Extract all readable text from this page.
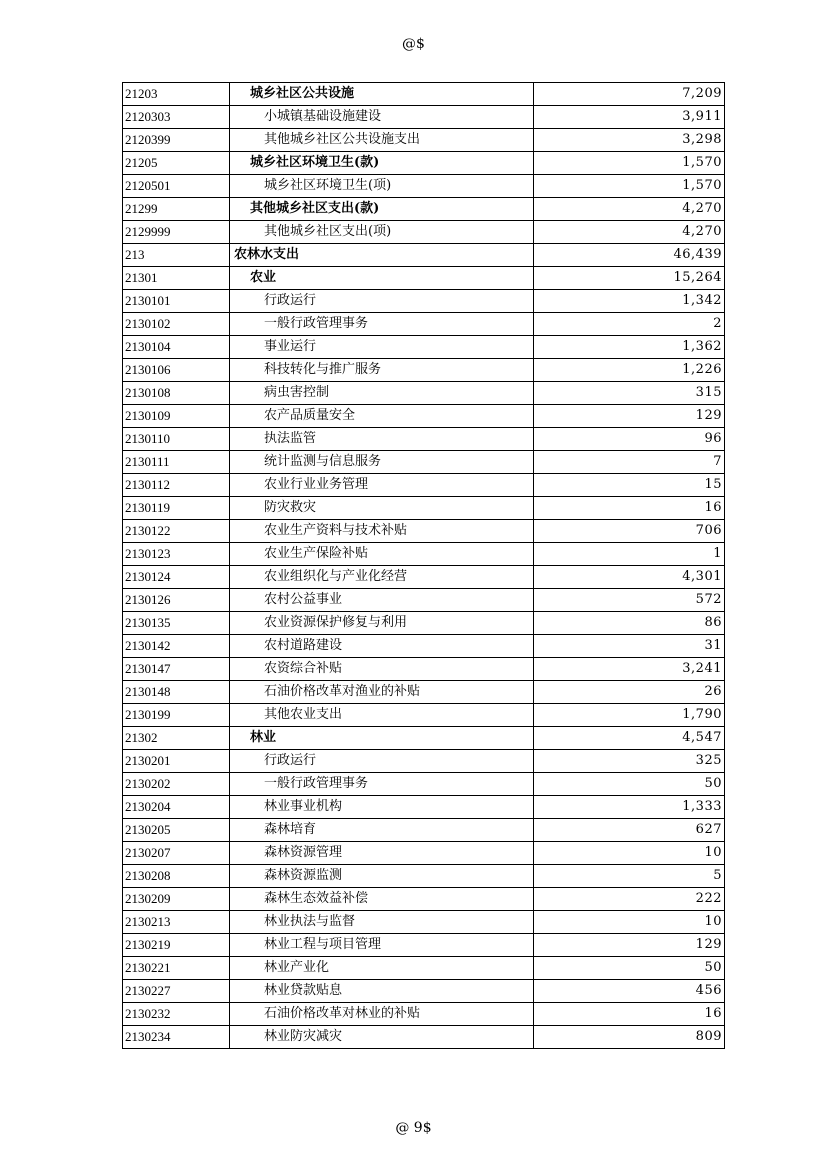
@$
21203	城乡社区公共设施	7,209
2120303	小城镇基础设施建设	3,911
2120399	其他城乡社区公共设施支出	3,298
21205	城乡社区环境卫生(款)	1,570
2120501	城乡社区环境卫生(项)	1,570
21299	其他城乡社区支出(款)	4,270
2129999	其他城乡社区支出(项)	4,270
213	农林水支出	46,439
21301	农业	15,264
2130101	行政运行	1,342
2130102	一般行政管理事务	2
2130104	事业运行	1,362
2130106	科技转化与推广服务	1,226
2130108	病虫害控制	315
2130109	农产品质量安全	129
2130110	执法监管	96
2130111	统计监测与信息服务	7
2130112	农业行业业务管理	15
2130119	防灾救灾	16
2130122	农业生产资料与技术补贴	706
2130123	农业生产保险补贴	1
2130124	农业组织化与产业化经营	4,301
2130126	农村公益事业	572
2130135	农业资源保护修复与利用	86
2130142	农村道路建设	31
2130147	农资综合补贴	3,241
2130148	石油价格改革对渔业的补贴	26
2130199	其他农业支出	1,790
21302	林业	4,547
2130201	行政运行	325
2130202	一般行政管理事务	50
2130204	林业事业机构	1,333
2130205	森林培育	627
2130207	森林资源管理	10
2130208	森林资源监测	5
2130209	森林生态效益补偿	222
2130213	林业执法与监督	10
2130219	林业工程与项目管理	129
2130221	林业产业化	50
2130227	林业贷款贴息	456
2130232	石油价格改革对林业的补贴	16
2130234	林业防灾减灾	809
@ 9$
